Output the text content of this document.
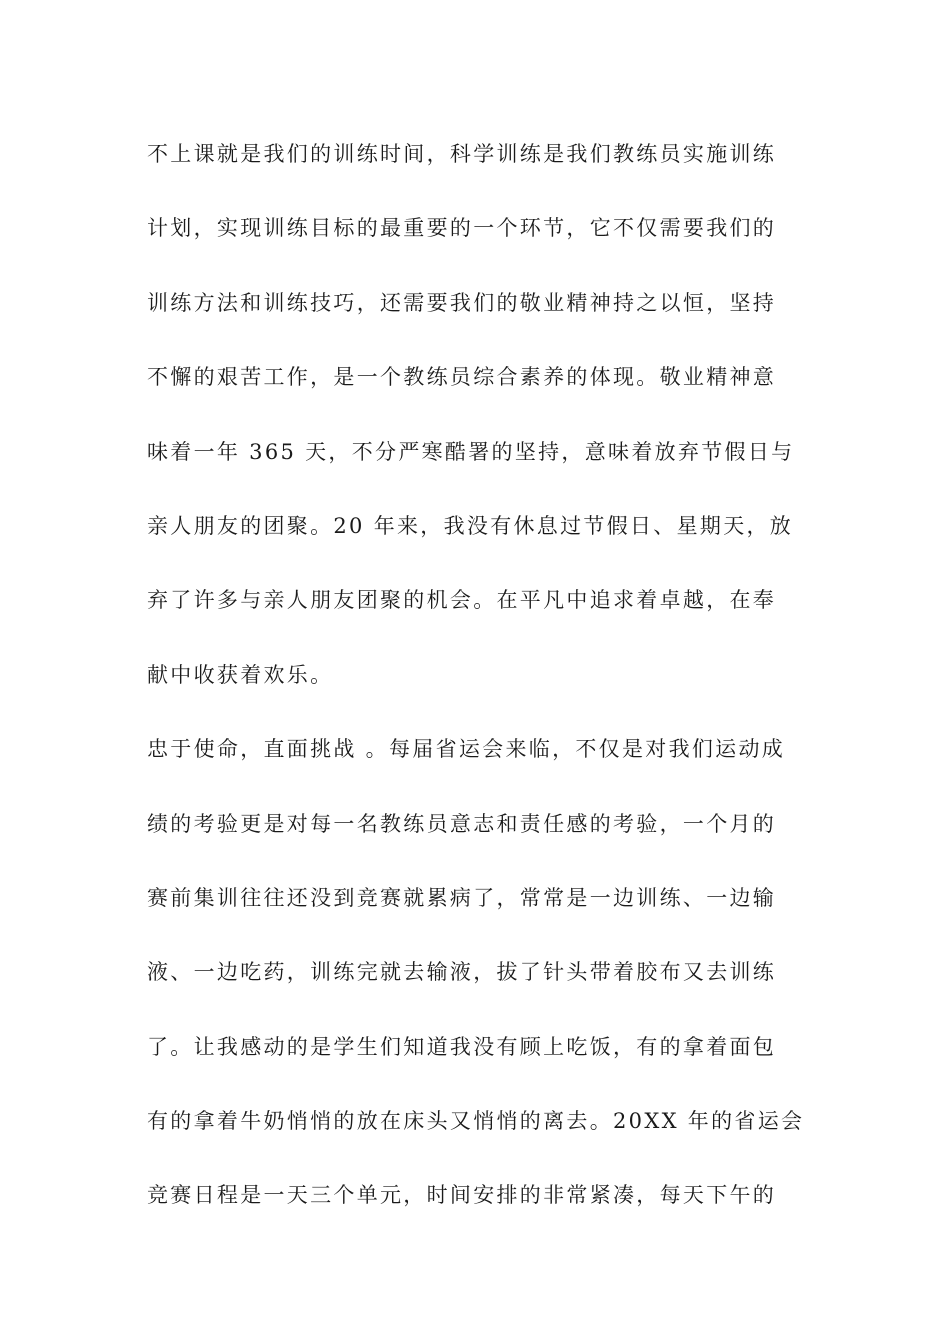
不上课就是我们的训练时间，科学训练是我们教练员实施训练
计划，实现训练目标的最重要的一个环节，它不仅需要我们的
训练方法和训练技巧，还需要我们的敬业精神持之以恒，坚持
不懈的艰苦工作，是一个教练员综合素养的体现。敬业精神意
味着一年 365 天，不分严寒酷署的坚持，意味着放弃节假日与
亲人朋友的团聚。20 年来，我没有休息过节假日、星期天，放
弃了许多与亲人朋友团聚的机会。在平凡中追求着卓越，在奉
献中收获着欢乐。
忠于使命，直面挑战 。每届省运会来临，不仅是对我们运动成
绩的考验更是对每一名教练员意志和责任感的考验，一个月的
赛前集训往往还没到竞赛就累病了，常常是一边训练、一边输
液、一边吃药，训练完就去输液，拔了针头带着胶布又去训练
了。让我感动的是学生们知道我没有顾上吃饭，有的拿着面包
有的拿着牛奶悄悄的放在床头又悄悄的离去。20XX 年的省运会
竞赛日程是一天三个单元，时间安排的非常紧凑，每天下午的
